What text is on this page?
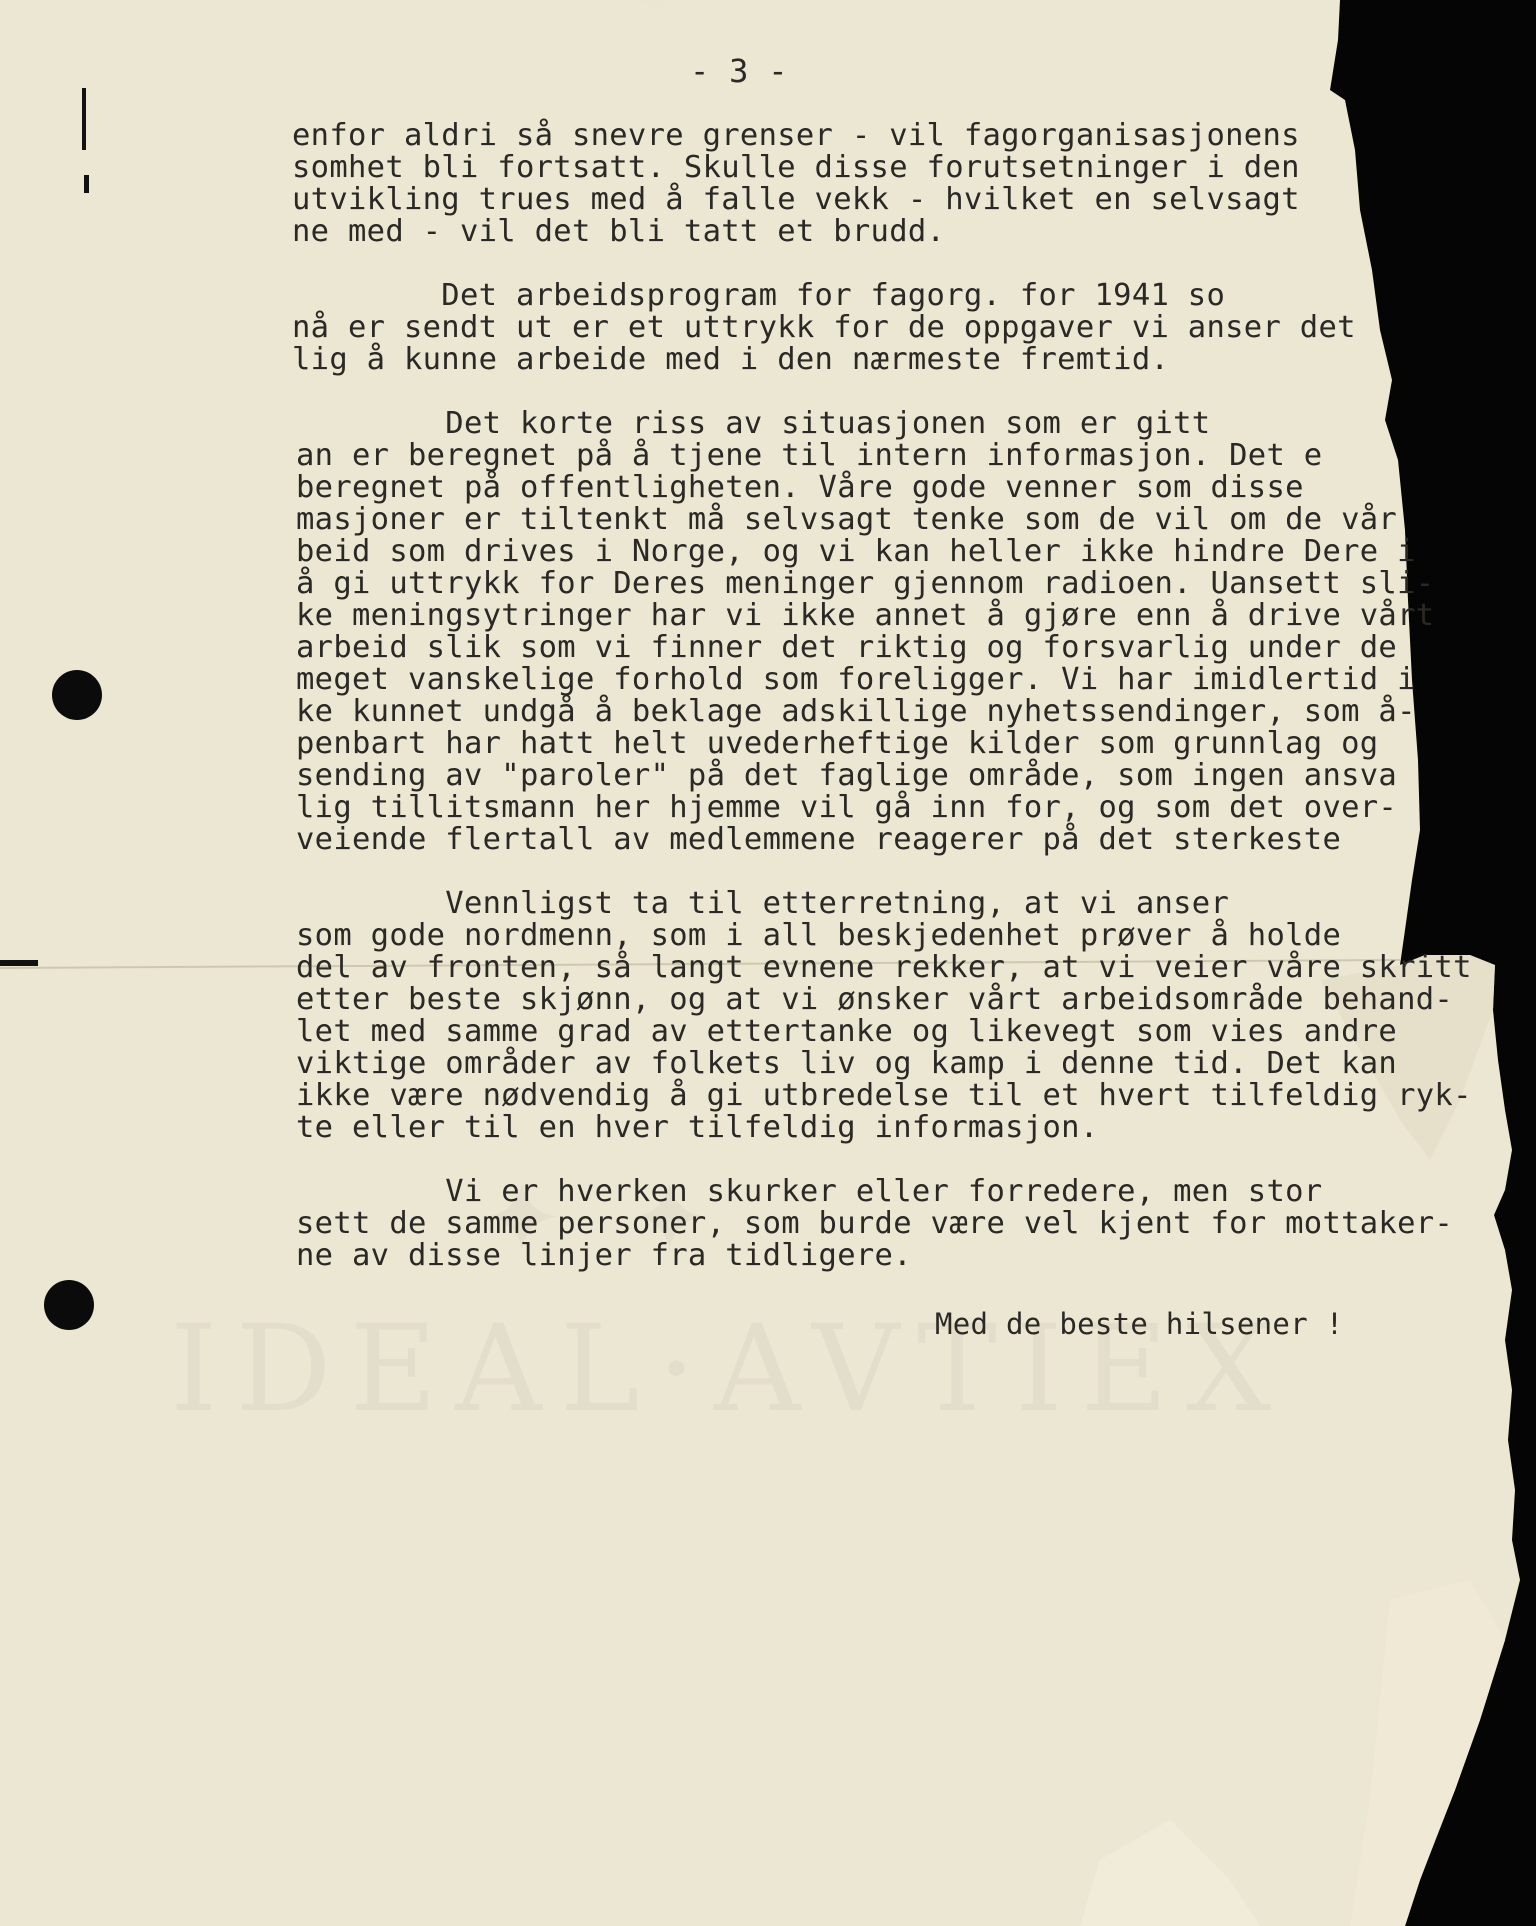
- 3 -
enfor aldri så snevre grenser - vil fagorganisasjonens
somhet bli fortsatt. Skulle disse forutsetninger i den
utvikling trues med å falle vekk - hvilket en selvsagt
ne med - vil det bli tatt et brudd.
Det arbeidsprogram for fagorg. for 1941 so
nå er sendt ut er et uttrykk for de oppgaver vi anser det
lig å kunne arbeide med i den nærmeste fremtid.
Det korte riss av situasjonen som er gitt
an er beregnet på å tjene til intern informasjon. Det e
beregnet på offentligheten. Våre gode venner som disse
masjoner er tiltenkt må selvsagt tenke som de vil om de vår
beid som drives i Norge, og vi kan heller ikke hindre Dere i
å gi uttrykk for Deres meninger gjennom radioen. Uansett sli-
ke meningsytringer har vi ikke annet å gjøre enn å drive vårt
arbeid slik som vi finner det riktig og forsvarlig under de
meget vanskelige forhold som foreligger. Vi har imidlertid i
ke kunnet undgå å beklage adskillige nyhetssendinger, som å-
penbart har hatt helt uvederheftige kilder som grunnlag og
sending av "paroler" på det faglige område, som ingen ansva
lig tillitsmann her hjemme vil gå inn for, og som det over-
veiende flertall av medlemmene reagerer på det sterkeste
Vennligst ta til etterretning, at vi anser
som gode nordmenn, som i all beskjedenhet prøver å holde
del av fronten, så langt evnene rekker, at vi veier våre skritt
etter beste skjønn, og at vi ønsker vårt arbeidsområde behand-
let med samme grad av ettertanke og likevegt som vies andre
viktige områder av folkets liv og kamp i denne tid. Det kan
ikke være nødvendig å gi utbredelse til et hvert tilfeldig ryk-
te eller til en hver tilfeldig informasjon.
Vi er hverken skurker eller forredere, men stor
sett de samme personer, som burde være vel kjent for mottaker-
ne av disse linjer fra tidligere.
Med de beste hilsener !
